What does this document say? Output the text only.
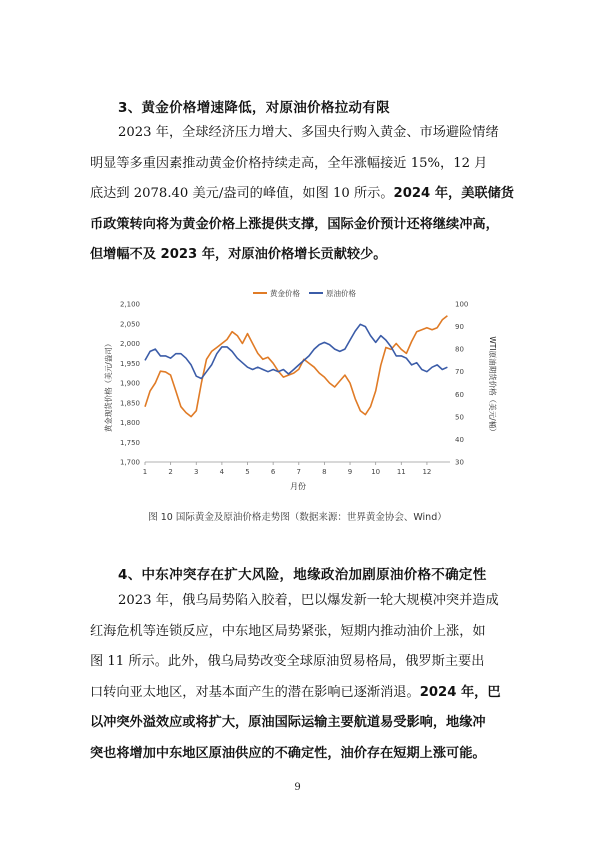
3、黄金价格增速降低，对原油价格拉动有限
2023 年，全球经济压力增大、多国央行购入黄金、市场避险情绪
明显等多重因素推动黄金价格持续走高，全年涨幅接近 15%，12 月
底达到 2078.40 美元/盎司的峰值，如图 10 所示。2024 年，美联储货
币政策转向将为黄金价格上涨提供支撑，国际金价预计还将继续冲高，
但增幅不及 2023 年，对原油价格增长贡献较少。
黄金价格	原油价格
1,700
1,750
1,800
1,850
1,900
1,950
2,000
2,050
2,100
30
40
50
60
70
80
90
100
1	2	3	4	5	6	7	8	9	10 11 12
月份
黄金现货价格（美元/盎司）	WTI原油期货价格（美元/桶）
图 10 国际黄金及原油价格走势图（数据来源：世界黄金协会、Wind）
4、中东冲突存在扩大风险，地缘政治加剧原油价格不确定性
2023 年，俄乌局势陷入胶着，巴以爆发新一轮大规模冲突并造成
红海危机等连锁反应，中东地区局势紧张，短期内推动油价上涨，如
图 11 所示。此外，俄乌局势改变全球原油贸易格局，俄罗斯主要出
口转向亚太地区，对基本面产生的潜在影响已逐渐消退。2024 年，巴
以冲突外溢效应或将扩大，原油国际运输主要航道易受影响，地缘冲
突也将增加中东地区原油供应的不确定性，油价存在短期上涨可能。
9
